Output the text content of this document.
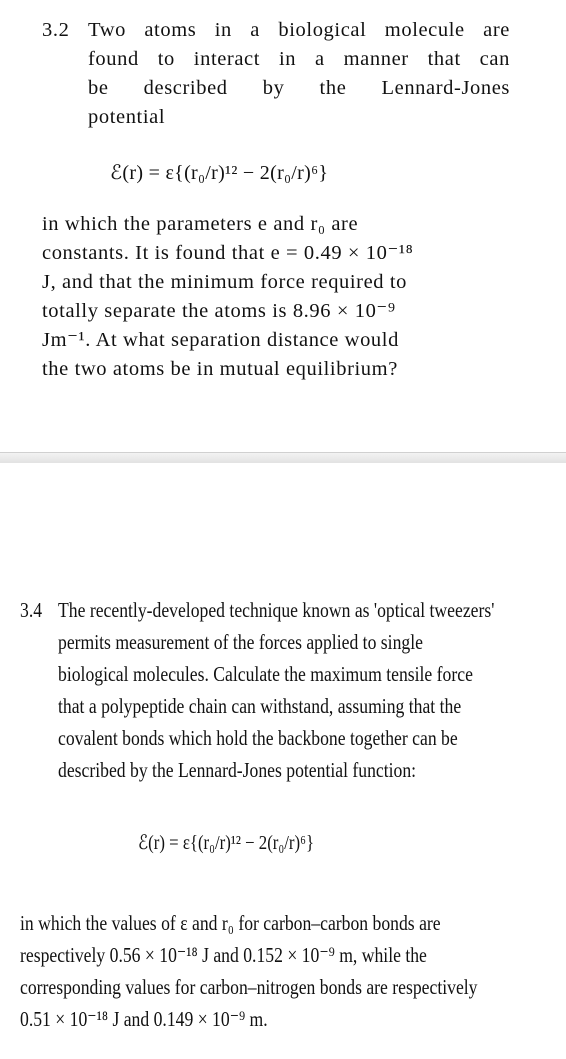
3.2 Two atoms in a biological molecule are
found to interact in a manner that can
be described by the Lennard-Jones
potential
ℰ(r) = ε{(r₀/r)¹² − 2(r₀/r)⁶}
in which the parameters e and r₀ are
constants. It is found that e = 0.49 × 10⁻¹⁸
J, and that the minimum force required to
totally separate the atoms is 8.96 × 10⁻⁹
Jm⁻¹. At what separation distance would
the two atoms be in mutual equilibrium?
3.4 The recently-developed technique known as 'optical tweezers'
permits measurement of the forces applied to single
biological molecules. Calculate the maximum tensile force
that a polypeptide chain can withstand, assuming that the
covalent bonds which hold the backbone together can be
described by the Lennard-Jones potential function:
ℰ(r) = ε{(r₀/r)¹² − 2(r₀/r)⁶}
in which the values of ε and r₀ for carbon–carbon bonds are
respectively 0.56 × 10⁻¹⁸ J and 0.152 × 10⁻⁹ m, while the
corresponding values for carbon–nitrogen bonds are respectively
0.51 × 10⁻¹⁸ J and 0.149 × 10⁻⁹ m.
